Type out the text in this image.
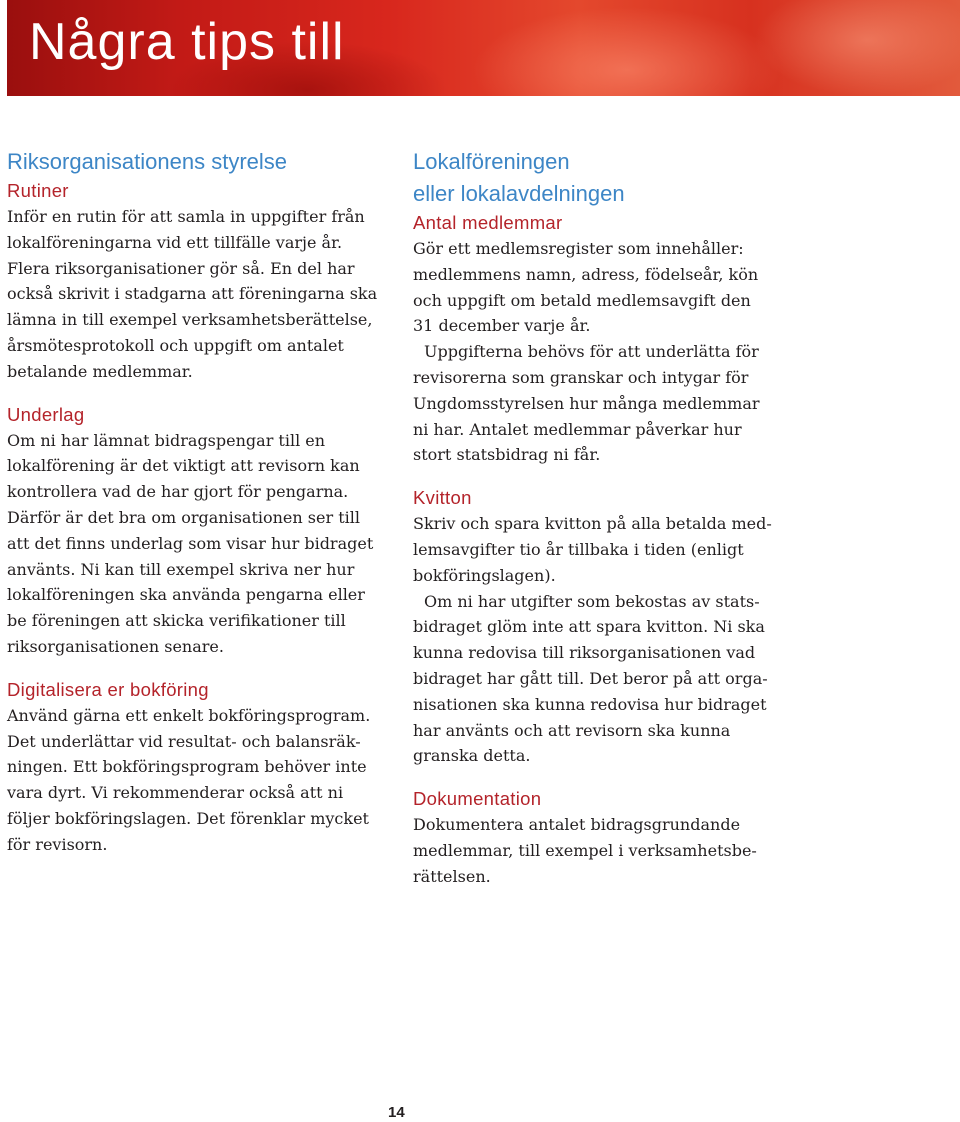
Några tips till
Riksorganisationens styrelse
Rutiner

Inför en rutin för att samla in uppgifter från

lokalföreningarna vid ett tillfälle varje år.

Flera riksorganisationer gör så. En del har

också skrivit i stadgarna att föreningarna ska

lämna in till exempel verksamhetsberättelse,

årsmötesprotokoll och uppgift om antalet

betalande medlemmar.

Underlag

Om ni har lämnat bidragspengar till en

lokalförening är det viktigt att revisorn kan

kontrollera vad de har gjort för pengarna.

Därför är det bra om organisationen ser till

att det finns underlag som visar hur bidraget

använts. Ni kan till exempel skriva ner hur

lokalföreningen ska använda pengarna eller

be föreningen att skicka verifikationer till

riksorganisationen senare.

Digitalisera er bokföring

Använd gärna ett enkelt bokföringsprogram.

Det underlättar vid resultat- och balansräk-

ningen. Ett bokföringsprogram behöver inte

vara dyrt. Vi rekommenderar också att ni

följer bokföringslagen. Det förenklar mycket

för revisorn.

Lokalföreningen
eller lokalavdelningen
Antal medlemmar

Gör ett medlemsregister som innehåller:

medlemmens namn, adress, födelseår, kön

och uppgift om betald medlemsavgift den

31 december varje år.

Uppgifterna behövs för att underlätta för

revisorerna som granskar och intygar för

Ungdomsstyrelsen hur många medlemmar

ni har. Antalet medlemmar påverkar hur

stort statsbidrag ni får.

Kvitton

Skriv och spara kvitton på alla betalda med-

lemsavgifter tio år tillbaka i tiden (enligt

bokföringslagen).

Om ni har utgifter som bekostas av stats-

bidraget glöm inte att spara kvitton. Ni ska

kunna redovisa till riksorganisationen vad

bidraget har gått till. Det beror på att orga-

nisationen ska kunna redovisa hur bidraget

har använts och att revisorn ska kunna

granska detta.

Dokumentation

Dokumentera antalet bidragsgrundande

medlemmar, till exempel i verksamhetsbe-

rättelsen.

14
